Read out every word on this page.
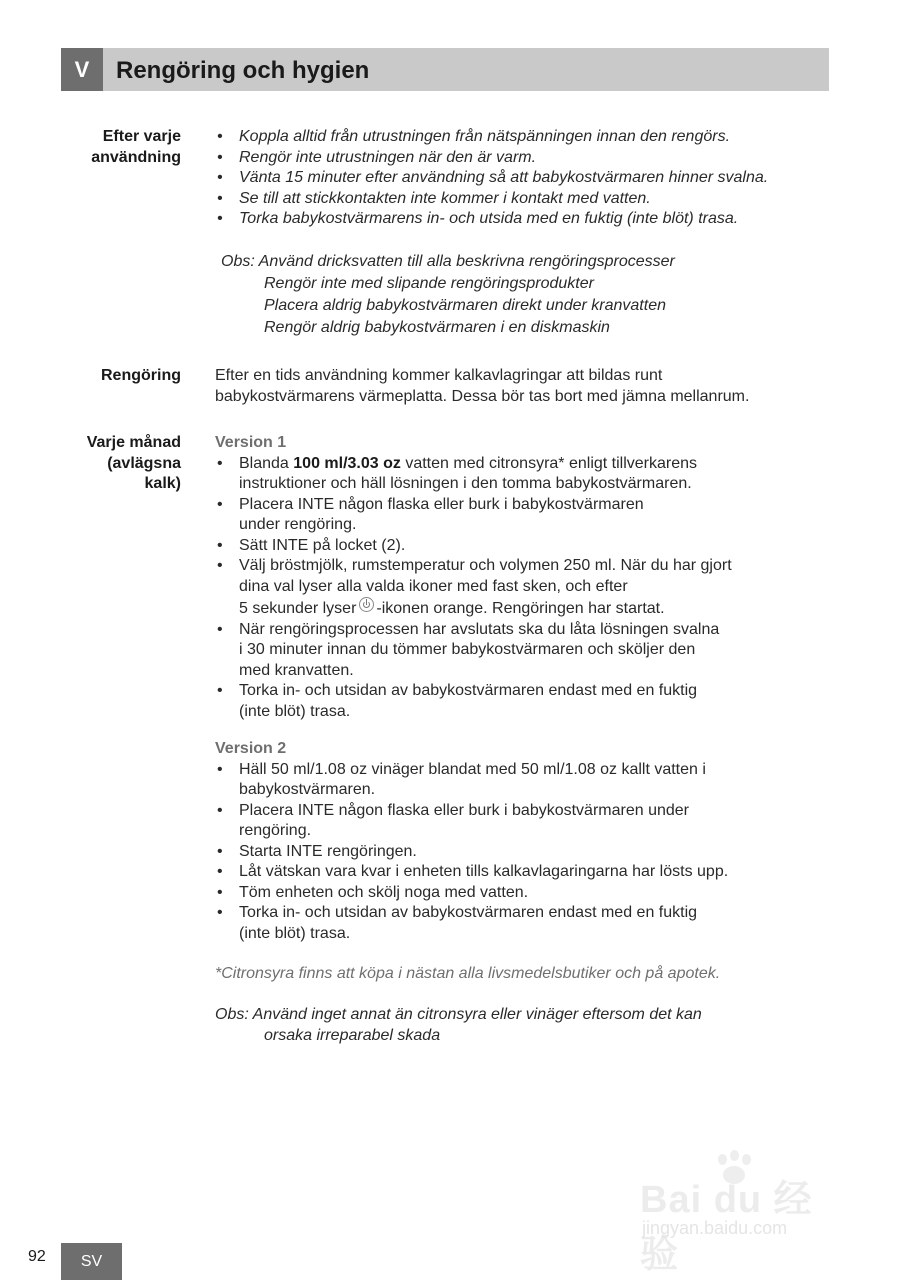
V	Rengöring och hygien
Efter varje
användning
• Koppla alltid från utrustningen från nätspänningen innan den rengörs.
• Rengör inte utrustningen när den är varm.
• Vänta 15 minuter efter användning så att babykostvärmaren hinner svalna.
• Se till att stickkontakten inte kommer i kontakt med vatten.
• Torka babykostvärmarens in- och utsida med en fuktig (inte blöt) trasa.
Obs: Använd dricksvatten till alla beskrivna rengöringsprocesser
Rengör inte med slipande rengöringsprodukter
Placera aldrig babykostvärmaren direkt under kranvatten
Rengör aldrig babykostvärmaren i en diskmaskin
Rengöring Efter en tids användning kommer kalkavlagringar att bildas runt
babykostvärmarens värmeplatta. Dessa bör tas bort med jämna mellanrum.
Varje månad
(avlägsna
kalk)
Version 1
• Blanda 100 ml/3.03 oz vatten med citronsyra* enligt tillverkarens
instruktioner och häll lösningen i den tomma babykostvärmaren.
• Placera INTE någon flaska eller burk i babykostvärmaren
under rengöring.
• Sätt INTE på locket (2).
• Välj bröstmjölk, rumstemperatur och volymen 250 ml. När du har gjort
dina val lyser alla valda ikoner med fast sken, och efter
5 sekunder lyser -ikonen orange. Rengöringen har startat.
• När rengöringsprocessen har avslutats ska du låta lösningen svalna
i 30 minuter innan du tömmer babykostvärmaren och sköljer den
med kranvatten.
• Torka in- och utsidan av babykostvärmaren endast med en fuktig
(inte blöt) trasa.
Version 2
• Häll 50 ml/1.08 oz vinäger blandat med 50 ml/1.08 oz kallt vatten i
babykostvärmaren.
• Placera INTE någon flaska eller burk i babykostvärmaren under
rengöring.
• Starta INTE rengöringen.
• Låt vätskan vara kvar i enheten tills kalkavlagaringarna har lösts upp.
• Töm enheten och skölj noga med vatten.
• Torka in- och utsidan av babykostvärmaren endast med en fuktig
(inte blöt) trasa.
*Citronsyra finns att köpa i nästan alla livsmedelsbutiker och på apotek.
Obs: Använd inget annat än citronsyra eller vinäger eftersom det kan
orsaka irreparabel skada
Bai du 经验
jingyan.baidu.com
92	SV
